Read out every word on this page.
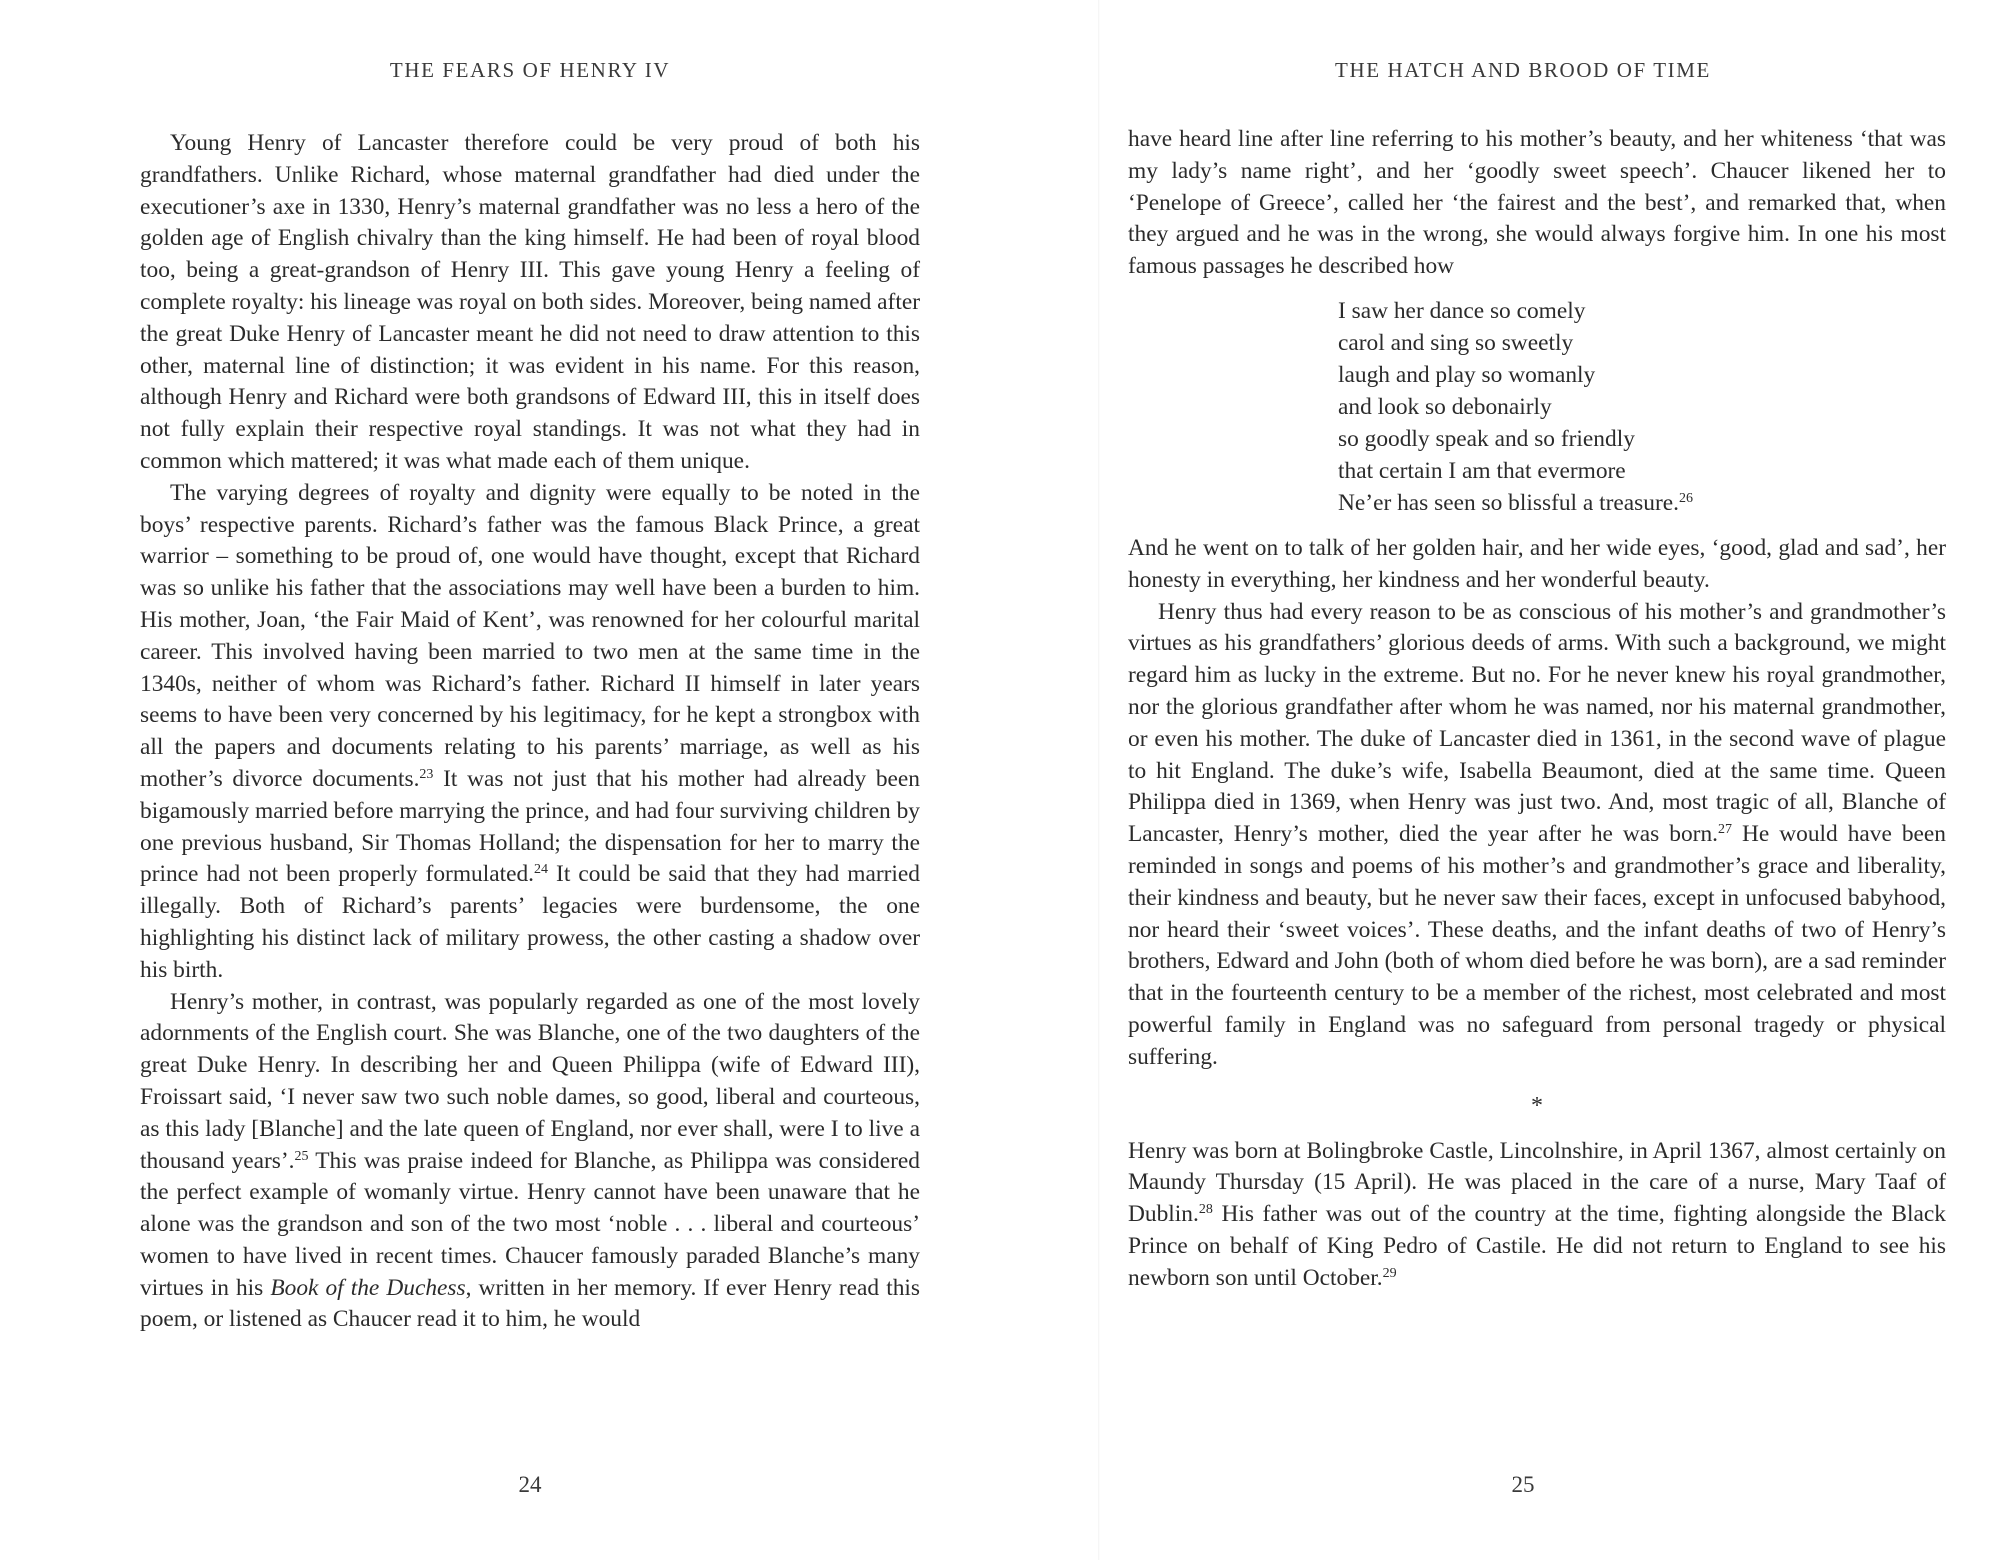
THE FEARS OF HENRY IV

Young Henry of Lancaster therefore could be very proud of both his grandfathers. Unlike Richard, whose maternal grandfather had died under the executioner’s axe in 1330, Henry’s maternal grandfather was no less a hero of the golden age of English chivalry than the king himself. He had been of royal blood too, being a great-grandson of Henry III. This gave young Henry a feeling of complete royalty: his lineage was royal on both sides. Moreover, being named after the great Duke Henry of Lancaster meant he did not need to draw attention to this other, maternal line of distinction; it was evident in his name. For this reason, although Henry and Richard were both grandsons of Edward III, this in itself does not fully explain their respective royal standings. It was not what they had in common which mattered; it was what made each of them unique.

The varying degrees of royalty and dignity were equally to be noted in the boys’ respective parents. Richard’s father was the famous Black Prince, a great warrior – something to be proud of, one would have thought, except that Richard was so unlike his father that the associations may well have been a burden to him. His mother, Joan, ‘the Fair Maid of Kent’, was renowned for her colourful marital career. This involved having been married to two men at the same time in the 1340s, neither of whom was Richard’s father. Richard II himself in later years seems to have been very concerned by his legitimacy, for he kept a strongbox with all the papers and documents relating to his parents’ marriage, as well as his mother’s divorce documents.$^{23}$ It was not just that his mother had already been bigamously married before marrying the prince, and had four surviving children by one previous husband, Sir Thomas Holland; the dispensation for her to marry the prince had not been properly formulated.$^{24}$ It could be said that they had married illegally. Both of Richard’s parents’ legacies were burdensome, the one highlighting his distinct lack of military prowess, the other casting a shadow over his birth.

Henry’s mother, in contrast, was popularly regarded as one of the most lovely adornments of the English court. She was Blanche, one of the two daughters of the great Duke Henry. In describing her and Queen Philippa (wife of Edward III), Froissart said, ‘I never saw two such noble dames, so good, liberal and courteous, as this lady [Blanche] and the late queen of England, nor ever shall, were I to live a thousand years’.$^{25}$ This was praise indeed for Blanche, as Philippa was considered the perfect example of womanly virtue. Henry cannot have been unaware that he alone was the grandson and son of the two most ‘noble . . . liberal and courteous’ women to have lived in recent times. Chaucer famously paraded Blanche’s many virtues in his Book of the Duchess, written in her memory. If ever Henry read this poem, or listened as Chaucer read it to him, he would

24
THE HATCH AND BROOD OF TIME

have heard line after line referring to his mother’s beauty, and her whiteness ‘that was my lady’s name right’, and her ‘goodly sweet speech’. Chaucer likened her to ‘Penelope of Greece’, called her ‘the fairest and the best’, and remarked that, when they argued and he was in the wrong, she would always forgive him. In one his most famous passages he described how

I saw her dance so comely
carol and sing so sweetly
laugh and play so womanly
and look so debonairly
so goodly speak and so friendly
that certain I am that evermore
Ne’er has seen so blissful a treasure.$^{26}$

And he went on to talk of her golden hair, and her wide eyes, ‘good, glad and sad’, her honesty in everything, her kindness and her wonderful beauty.

Henry thus had every reason to be as conscious of his mother’s and grandmother’s virtues as his grandfathers’ glorious deeds of arms. With such a background, we might regard him as lucky in the extreme. But no. For he never knew his royal grandmother, nor the glorious grandfather after whom he was named, nor his maternal grandmother, or even his mother. The duke of Lancaster died in 1361, in the second wave of plague to hit England. The duke’s wife, Isabella Beaumont, died at the same time. Queen Philippa died in 1369, when Henry was just two. And, most tragic of all, Blanche of Lancaster, Henry’s mother, died the year after he was born.$^{27}$ He would have been reminded in songs and poems of his mother’s and grandmother’s grace and liberality, their kindness and beauty, but he never saw their faces, except in unfocused babyhood, nor heard their ‘sweet voices’. These deaths, and the infant deaths of two of Henry’s brothers, Edward and John (both of whom died before he was born), are a sad reminder that in the fourteenth century to be a member of the richest, most celebrated and most powerful family in England was no safeguard from personal tragedy or physical suffering.

*

Henry was born at Bolingbroke Castle, Lincolnshire, in April 1367, almost certainly on Maundy Thursday (15 April). He was placed in the care of a nurse, Mary Taaf of Dublin.$^{28}$ His father was out of the country at the time, fighting alongside the Black Prince on behalf of King Pedro of Castile. He did not return to England to see his newborn son until October.$^{29}$

25
